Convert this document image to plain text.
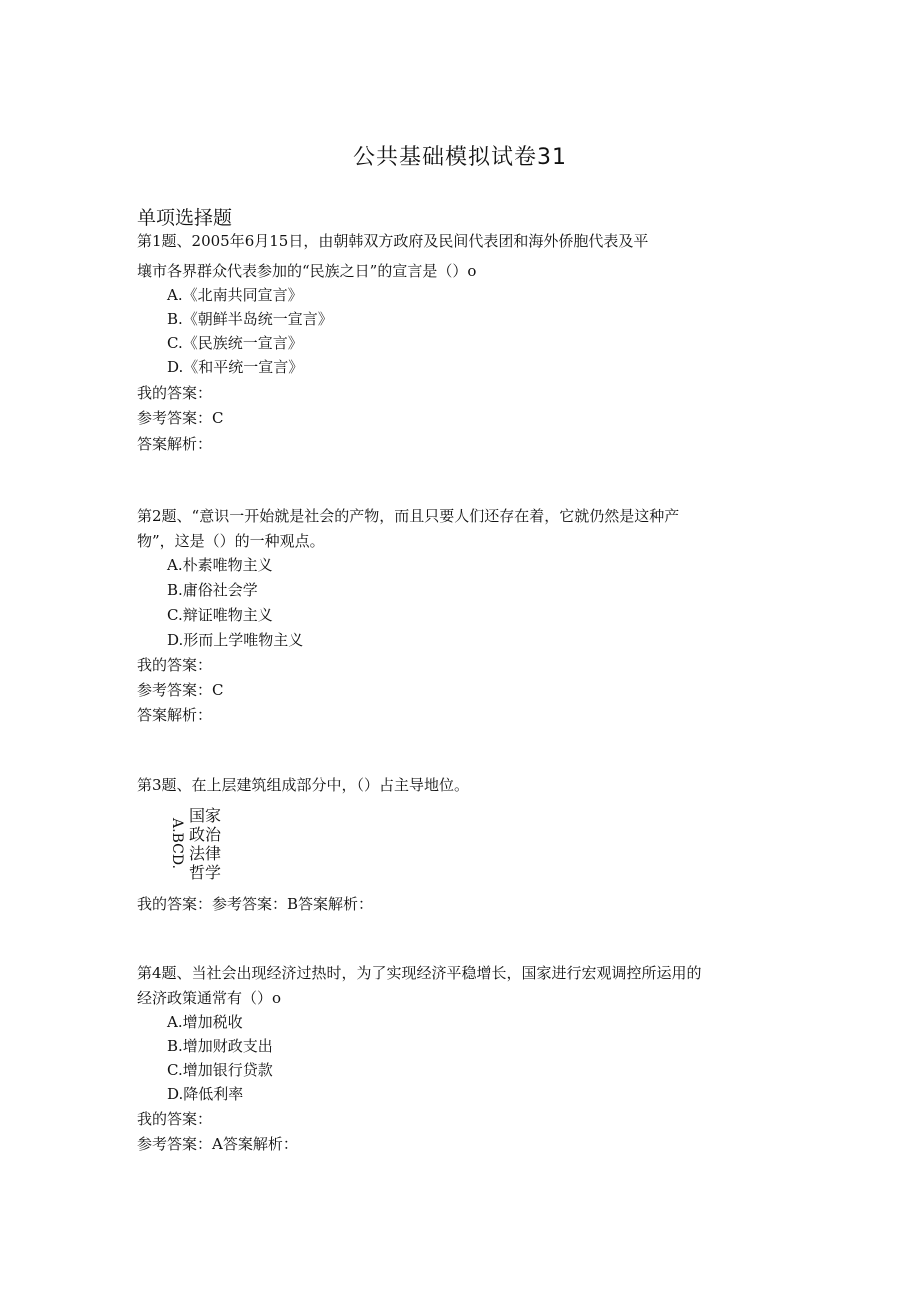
公共基础模拟试卷31
单项选择题
第1题、2005年6月15日，由朝韩双方政府及民间代表团和海外侨胞代表及平
壤市各界群众代表参加的“民族之日”的宣言是（）o
A.《北南共同宣言》
B.《朝鲜半岛统一宣言》
C.《民族统一宣言》
D.《和平统一宣言》
我的答案：
参考答案：C
答案解析：
第2题、“意识一开始就是社会的产物，而且只要人们还存在着，它就仍然是这种产
物”，这是（）的一种观点。
A.朴素唯物主义
B.庸俗社会学
C.辩证唯物主义
D.形而上学唯物主义
我的答案：
参考答案：C
答案解析：
第3题、在上层建筑组成部分中，（）占主导地位。
A.BCD.
国家
政治
法律
哲学
我的答案：参考答案：B答案解析：
第4题、当社会出现经济过热时，为了实现经济平稳增长，国家进行宏观调控所运用的
经济政策通常有（）o
A.增加税收
B.增加财政支出
C.增加银行贷款
D.降低利率
我的答案：
参考答案：A答案解析：
